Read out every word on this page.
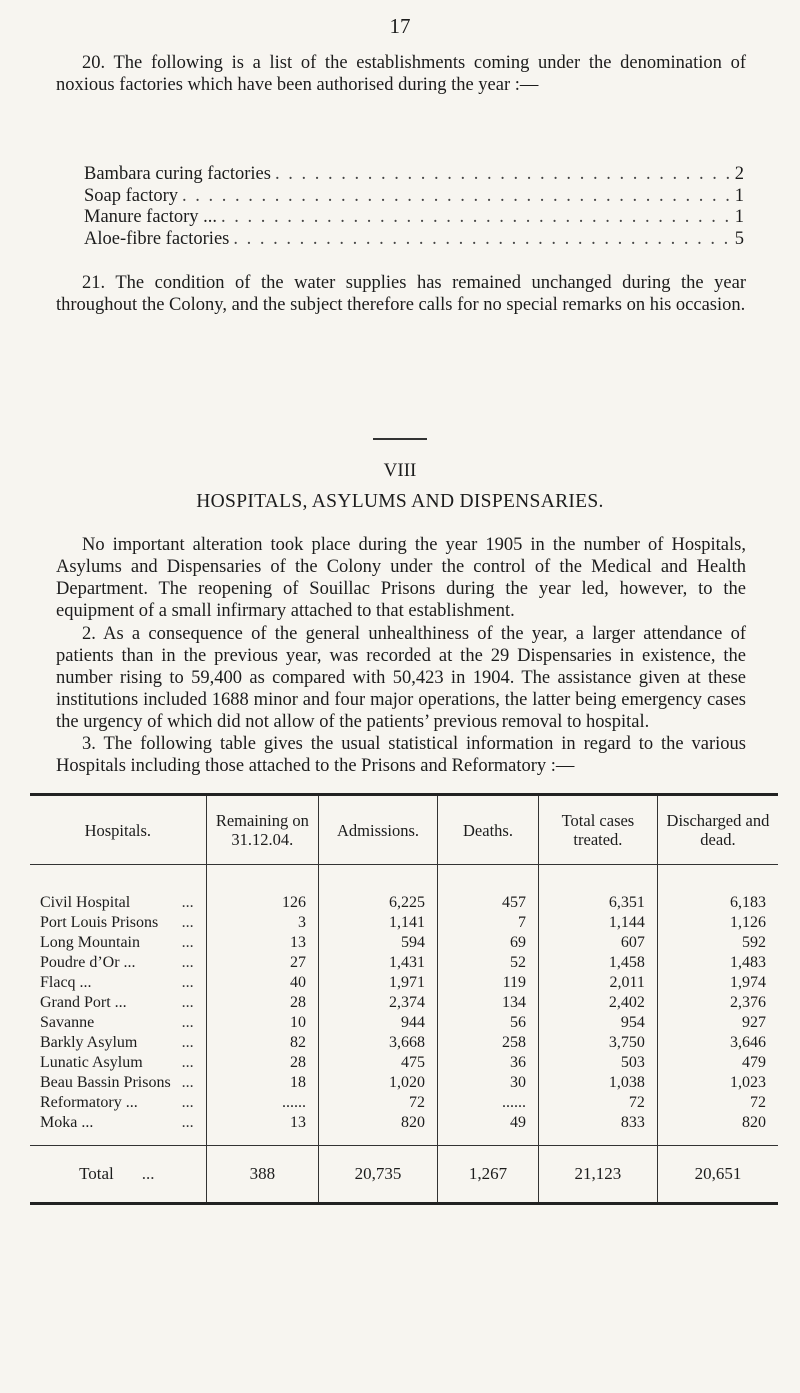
17

20. The following is a list of the establishments coming under the denomination of noxious factories which have been authorised during the year :—

Bambara curing factories . . .	2
Soap factory . . .	1
Manure factory ... . . .	1
Aloe-fibre factories . . .	5

21. The condition of the water supplies has remained unchanged during the year throughout the Colony, and the subject therefore calls for no special remarks on his occasion.

VIII
HOSPITALS, ASYLUMS AND DISPENSARIES.

No important alteration took place during the year 1905 in the number of Hospitals, Asylums and Dispensaries of the Colony under the control of the Medical and Health Department. The reopening of Souillac Prisons during the year led, however, to the equipment of a small infirmary attached to that establishment.

2. As a consequence of the general unhealthiness of the year, a larger attendance of patients than in the previous year, was recorded at the 29 Dispensaries in existence, the number rising to 59,400 as compared with 50,423 in 1904. The assistance given at these institutions included 1688 minor and four major operations, the latter being emergency cases the urgency of which did not allow of the patients’ previous removal to hospital.

Hospitals.	Remaining on 31.12.04.	Admissions.	Deaths.	Total cases treated.	Discharged and dead.

Civil Hospital ...	126	6,225	457	6,351	6,183

Port Louis Prisons ...	3	1,141	7	1,144	1,126

Long Mountain ...	13	594	69	607	592

Poudre d’Or ... ...	27	1,431	52	1,458	1,483

Flacq ... ...	40	1,971	119	2,011	1,974

Grand Port ... ...	28	2,374	134	2,402	2,376

Savanne ...	10	944	56	954	927

Barkly Asylum ...	82	3,668	258	3,750	3,646

Lunatic Asylum ...	28	475	36	503	479

Beau Bassin Prisons ...	18	1,020	30	1,038	1,023

Reformatory ... ...	......	72	......	72	72

Moka ... ...	13	820	49	833	820

Total ...	388	20,735	1,267	21,123	20,651

3. The following table gives the usual statistical information in regard to the various Hospitals including those attached to the Prisons and Reformatory :—
